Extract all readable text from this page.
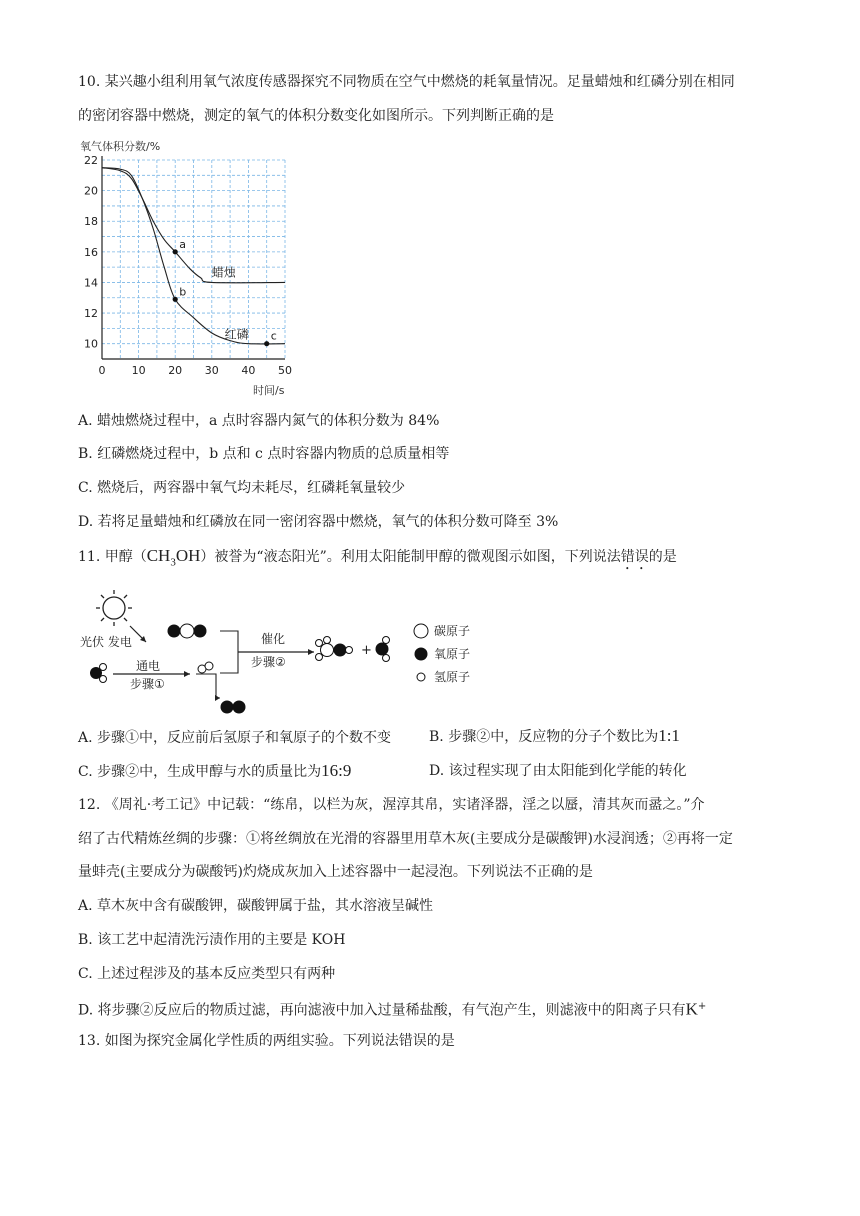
10. 某兴趣小组利用氧气浓度传感器探究不同物质在空气中燃烧的耗氧量情况。足量蜡烛和红磷分别在相同
的密闭容器中燃烧，测定的氧气的体积分数变化如图所示。下列判断正确的是
氧气体积分数/%
时间/s
0 10 20 30 40 50
10
12
14
16
18
20
22
蜡烛
红磷
a
b
c
A. 蜡烛燃烧过程中，a 点时容器内氮气的体积分数为 84%
B. 红磷燃烧过程中，b 点和 c 点时容器内物质的总质量相等
C. 燃烧后，两容器中氧气均未耗尽，红磷耗氧量较少
D. 若将足量蜡烛和红磷放在同一密闭容器中燃烧，氧气的体积分数可降至 3%
11. 甲醇$(CH_3OH)$被誉为“液态阳光”。利用太阳能制甲醇的微观图示如图，下列说法错误的是
光伏 发电
通电
步骤①
催化
步骤②
+
碳原子
氧原子
氢原子
A. 步骤①中，反应前后氢原子和氧原子的个数不变	B. 步骤②中，反应物的分子个数比为1:1
C. 步骤②中，生成甲醇与水的质量比为16:9	D. 该过程实现了由太阳能到化学能的转化
12. 《周礼·考工记》中记载：“练帛，以栏为灰，渥淳其帛，实诸泽器，淫之以蜃，清其灰而盝之。”介
绍了古代精炼丝绸的步骤：①将丝绸放在光滑的容器里用草木灰(主要成分是碳酸钾)水浸润透；②再将一定
量蚌壳(主要成分为碳酸钙)灼烧成灰加入上述容器中一起浸泡。下列说法不正确的是
A. 草木灰中含有碳酸钾，碳酸钾属于盐，其水溶液呈碱性
B. 该工艺中起清洗污渍作用的主要是 KOH
C. 上述过程涉及的基本反应类型只有两种
D. 将步骤②反应后的物质过滤，再向滤液中加入过量稀盐酸，有气泡产生，则滤液中的阳离子只有K+
13. 如图为探究金属化学性质的两组实验。下列说法错误的是
